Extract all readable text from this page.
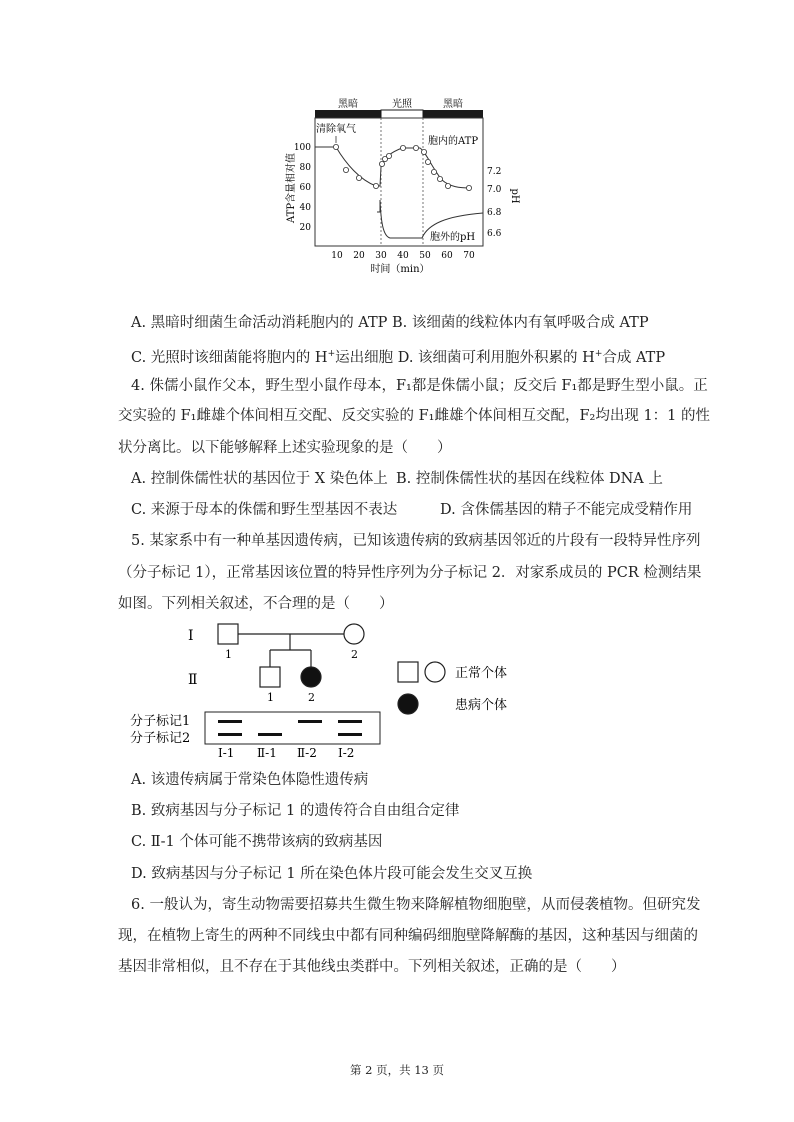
黑暗	光照	黑暗
100
80
60
40
20
ATP含量相对值	7.2
7.0
6.8
6.6
pH
10 20 30 40 50 60 70
时间（min）
清除氧气
胞内的ATP
胞外的pH
A. 黑暗时细菌生命活动消耗胞内的 ATP B. 该细菌的线粒体内有氧呼吸合成 ATP
C. 光照时该细菌能将胞内的 H+运出细胞 D. 该细菌可利用胞外积累的 H+合成 ATP
4. 侏儒小鼠作父本，野生型小鼠作母本，F₁都是侏儒小鼠；反交后 F₁都是野生型小鼠。正
交实验的 F₁雌雄个体间相互交配、反交实验的 F₁雌雄个体间相互交配，F₂均出现 1：1 的性
状分离比。以下能够解释上述实验现象的是（　　）
A. 控制侏儒性状的基因位于 X 染色体上 B. 控制侏儒性状的基因在线粒体 DNA 上
C. 来源于母本的侏儒和野生型基因不表达	D. 含侏儒基因的精子不能完成受精作用
5. 某家系中有一种单基因遗传病，已知该遗传病的致病基因邻近的片段有一段特异性序列
（分子标记 1），正常基因该位置的特异性序列为分子标记 2．对家系成员的 PCR 检测结果
如图。下列相关叙述，不合理的是（　　）
Ⅰ
Ⅱ
1	2
1	2
正常个体
患病个体
分子标记1
分子标记2
Ⅰ-1 Ⅱ-1 Ⅱ-2 Ⅰ-2
A. 该遗传病属于常染色体隐性遗传病
B. 致病基因与分子标记 1 的遗传符合自由组合定律
C. Ⅱ-1 个体可能不携带该病的致病基因
D. 致病基因与分子标记 1 所在染色体片段可能会发生交叉互换
6. 一般认为，寄生动物需要招募共生微生物来降解植物细胞壁，从而侵袭植物。但研究发
现，在植物上寄生的两种不同线虫中都有同种编码细胞壁降解酶的基因，这种基因与细菌的
基因非常相似，且不存在于其他线虫类群中。下列相关叙述，正确的是（　　）
第 2 页，共 13 页
